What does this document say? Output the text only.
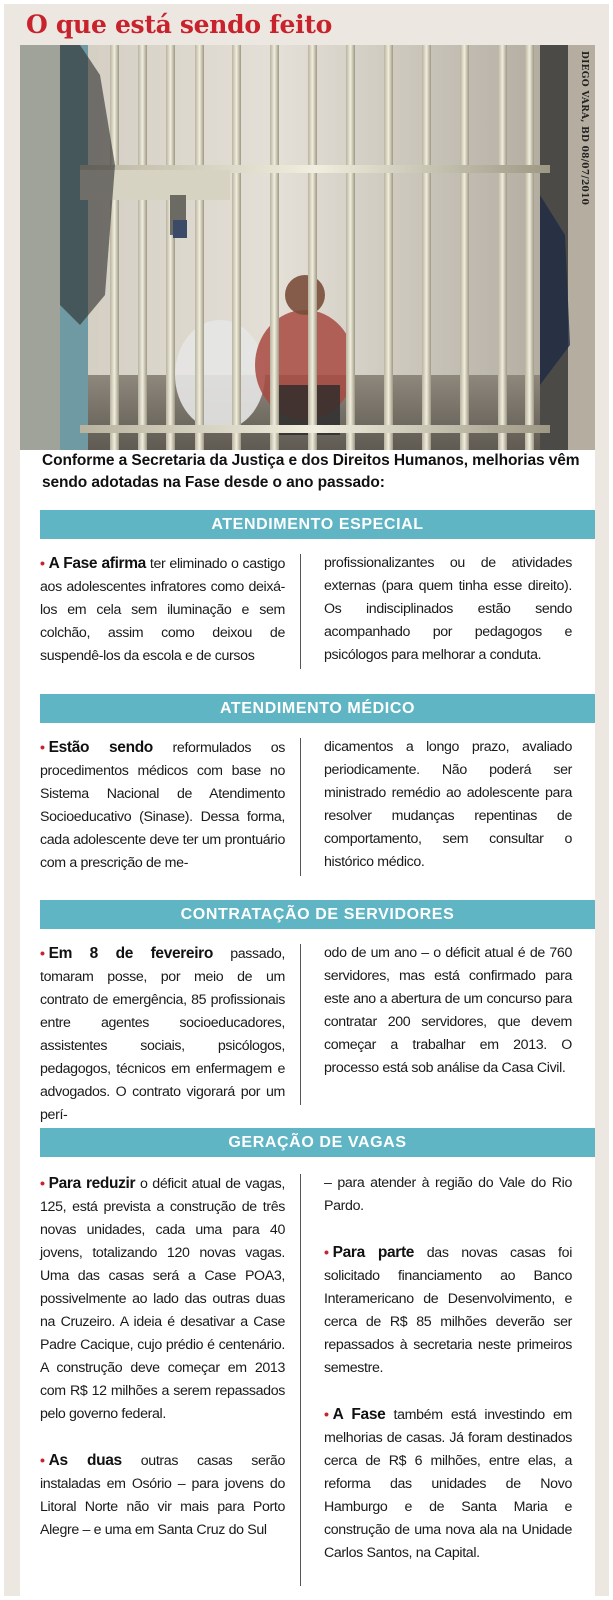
O que está sendo feito
DIEGO VARA, BD 08/07/2010

Conforme a Secretaria da Justiça e dos Direitos Humanos, melhorias vêm sendo adotadas na Fase desde o ano passado:

ATENDIMENTO ESPECIAL

• A Fase afirma ter eliminado o castigo aos adolescentes infratores como deixá-los em cela sem iluminação e sem colchão, assim como deixou de suspendê-los da escola e de cursos

profissionalizantes ou de atividades externas (para quem tinha esse direito). Os indisciplinados estão sendo acompanhado por pedagogos e psicólogos para melhorar a conduta.

ATENDIMENTO MÉDICO

• Estão sendo reformulados os procedimentos médicos com base no Sistema Nacional de Atendimento Socioeducativo (Sinase). Dessa forma, cada adolescente deve ter um prontuário com a prescrição de me-

dicamentos a longo prazo, avaliado periodicamente. Não poderá ser ministrado remédio ao adolescente para resolver mudanças repentinas de comportamento, sem consultar o histórico médico.

CONTRATAÇÃO DE SERVIDORES

• Em 8 de fevereiro passado, tomaram posse, por meio de um contrato de emergência, 85 profissionais entre agentes socioeducadores, assistentes sociais, psicólogos, pedagogos, técnicos em enfermagem e advogados. O contrato vigorará por um perí-

odo de um ano – o déficit atual é de 760 servidores, mas está confirmado para este ano a abertura de um concurso para contratar 200 servidores, que devem começar a trabalhar em 2013. O processo está sob análise da Casa Civil.

GERAÇÃO DE VAGAS

• Para reduzir o déficit atual de vagas, 125, está prevista a construção de três novas unidades, cada uma para 40 jovens, totalizando 120 novas vagas. Uma das casas será a Case POA3, possivelmente ao lado das outras duas na Cruzeiro. A ideia é desativar a Case Padre Cacique, cujo prédio é centenário. A construção deve começar em 2013 com R$ 12 milhões a serem repassados pelo governo federal.

• As duas outras casas serão instaladas em Osório – para jovens do Litoral Norte não vir mais para Porto Alegre – e uma em Santa Cruz do Sul

– para atender à região do Vale do Rio Pardo.

• Para parte das novas casas foi solicitado financiamento ao Banco Interamericano de Desenvolvimento, e cerca de R$ 85 milhões deverão ser repassados à secretaria neste primeiros semestre.

• A Fase também está investindo em melhorias de casas. Já foram destinados cerca de R$ 6 milhões, entre elas, a reforma das unidades de Novo Hamburgo e de Santa Maria e construção de uma nova ala na Unidade Carlos Santos, na Capital.
